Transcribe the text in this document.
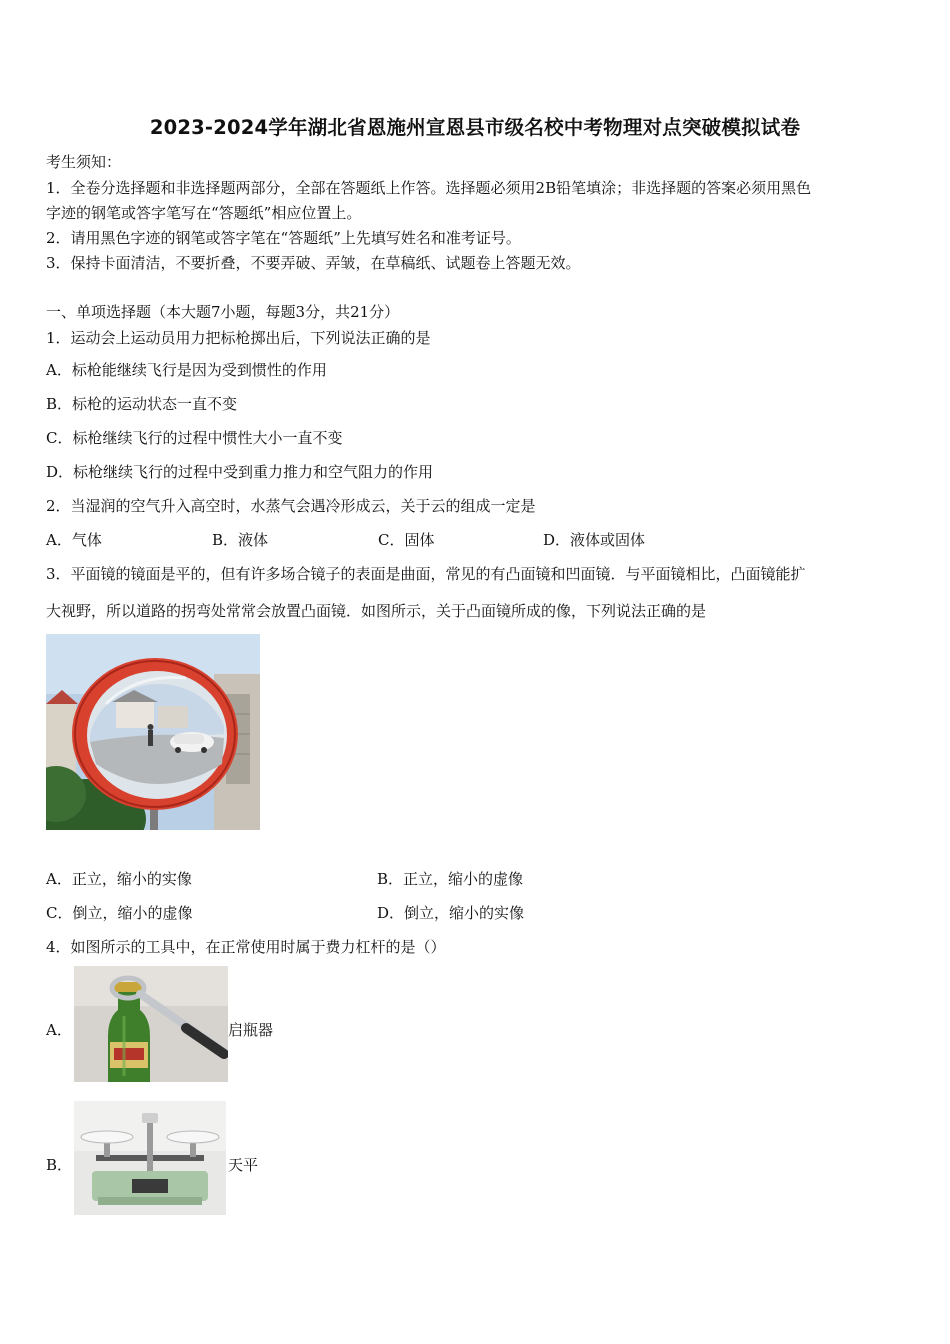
2023-2024学年湖北省恩施州宣恩县市级名校中考物理对点突破模拟试卷
考生须知：
1．全卷分选择题和非选择题两部分，全部在答题纸上作答。选择题必须用2B铅笔填涂；非选择题的答案必须用黑色
字迹的钢笔或答字笔写在“答题纸”相应位置上。
2．请用黑色字迹的钢笔或答字笔在“答题纸”上先填写姓名和准考证号。
3．保持卡面清洁，不要折叠，不要弄破、弄皱，在草稿纸、试题卷上答题无效。
一、单项选择题（本大题7小题，每题3分，共21分）
1．运动会上运动员用力把标枪掷出后，下列说法正确的是
A．标枪能继续飞行是因为受到惯性的作用
B．标枪的运动状态一直不变
C．标枪继续飞行的过程中惯性大小一直不变
D．标枪继续飞行的过程中受到重力推力和空气阻力的作用
2．当湿润的空气升入高空时，水蒸气会遇冷形成云，关于云的组成一定是
A．气体	B．液体	C．固体	D．液体或固体
3．平面镜的镜面是平的，但有许多场合镜子的表面是曲面，常见的有凸面镜和凹面镜．与平面镜相比，凸面镜能扩
大视野，所以道路的拐弯处常常会放置凸面镜．如图所示，关于凸面镜所成的像，下列说法正确的是
A．正立，缩小的实像	B．正立，缩小的虚像
C．倒立，缩小的虚像	D．倒立，缩小的实像
4．如图所示的工具中，在正常使用时属于费力杠杆的是（）
A．	启瓶器
B．	天平
